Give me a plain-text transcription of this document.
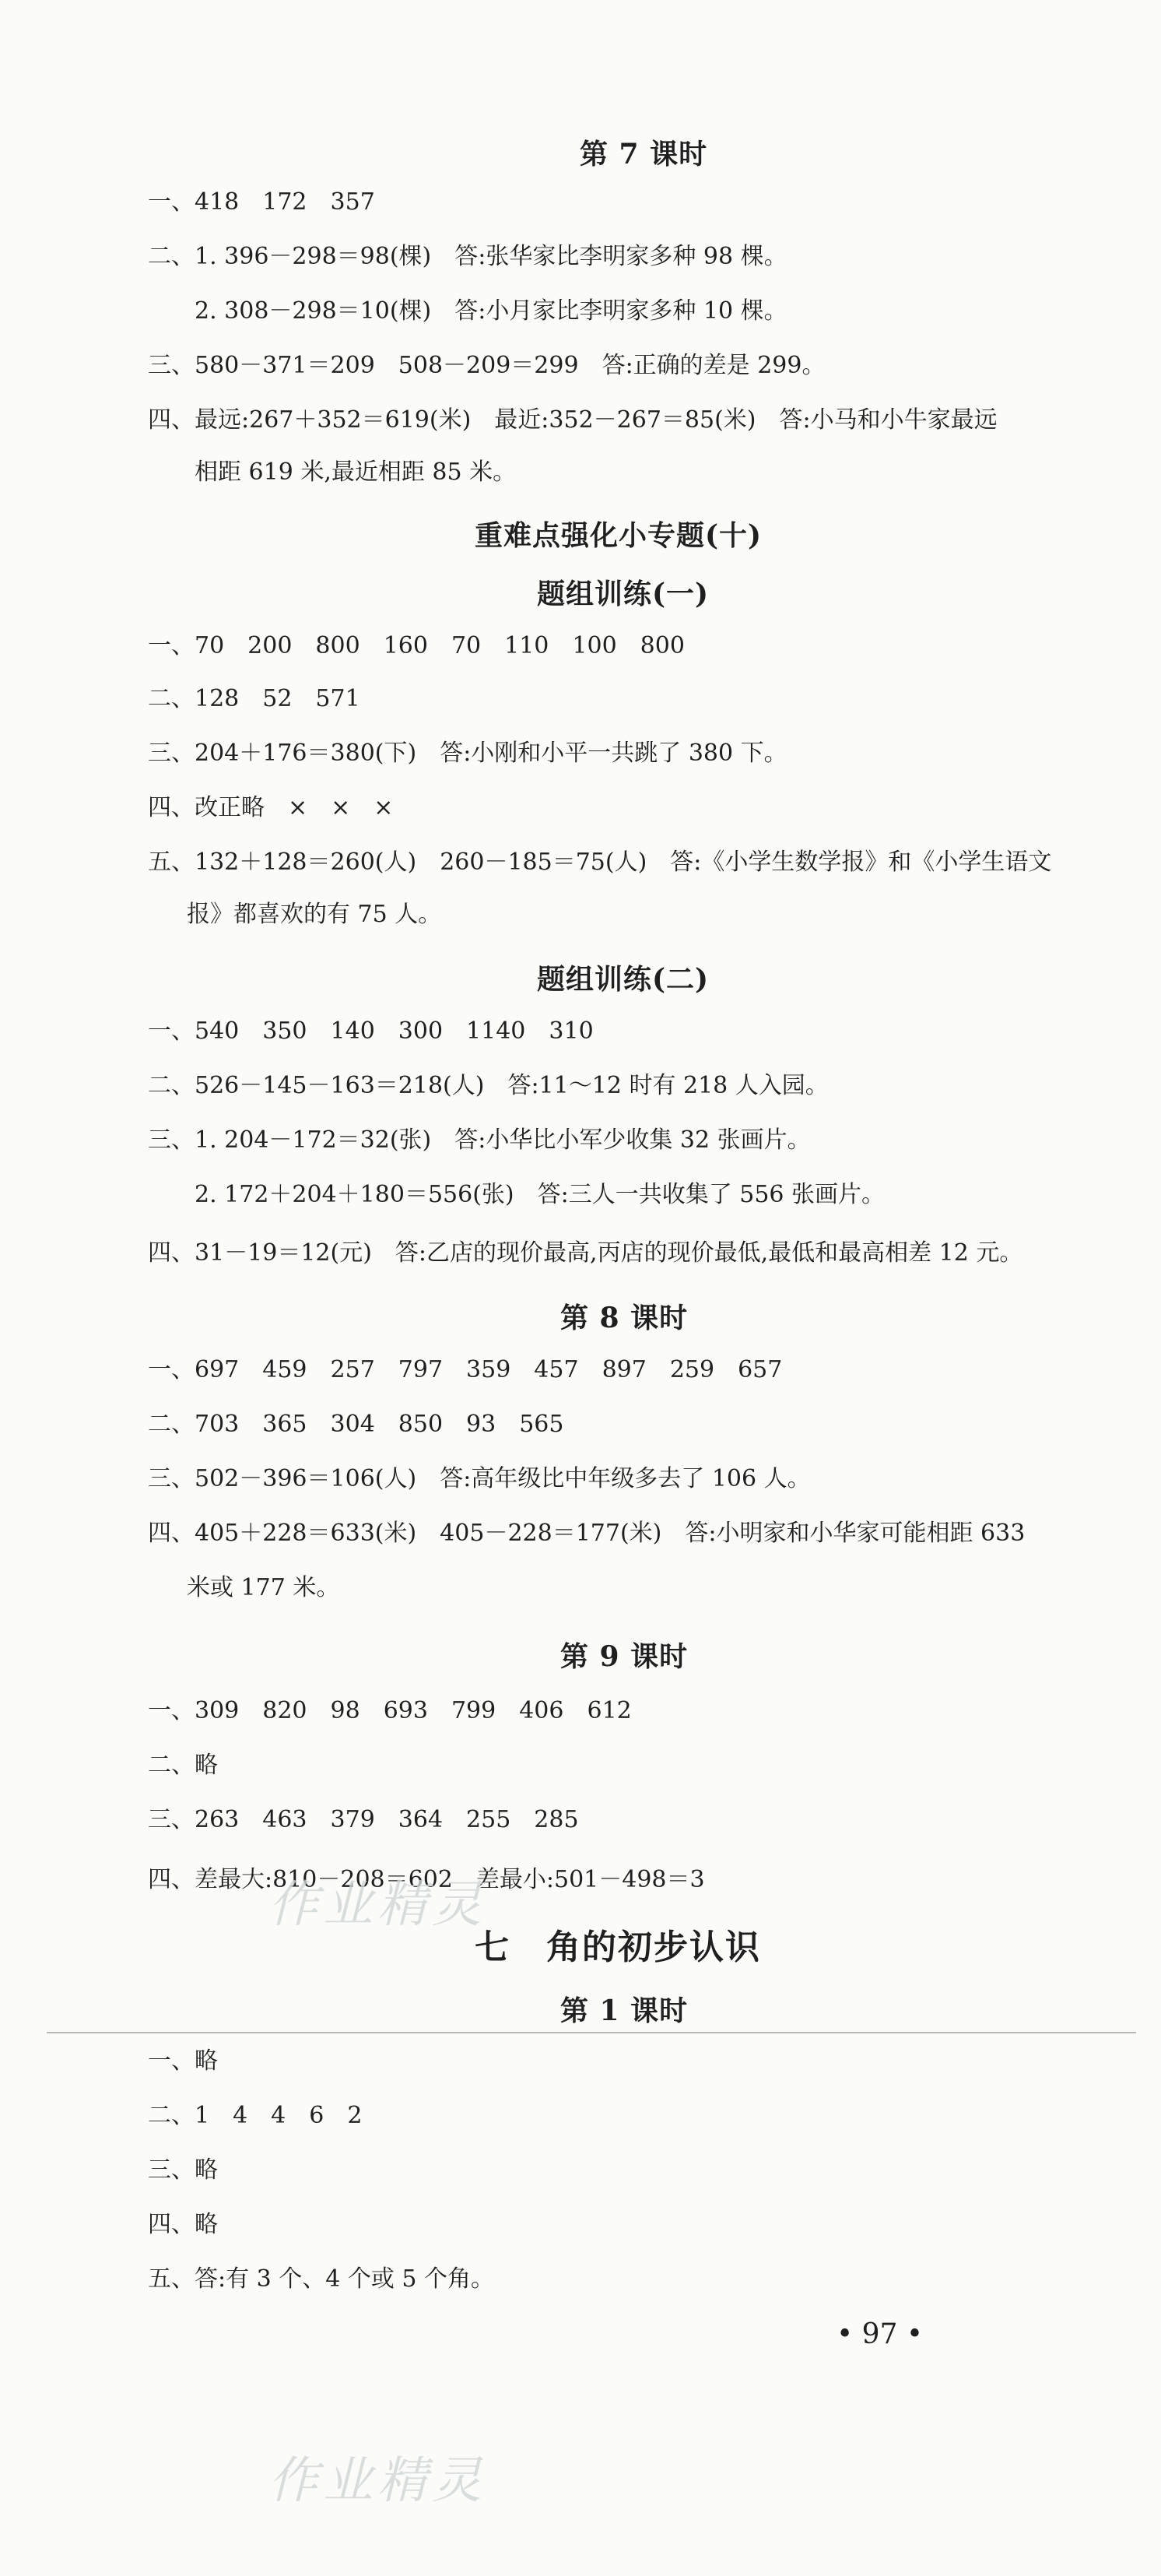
第 7 课时
一、418　172　357
二、1. 396－298＝98(棵)　答:张华家比李明家多种 98 棵。
2. 308－298＝10(棵)　答:小月家比李明家多种 10 棵。
三、580－371＝209　508－209＝299　答:正确的差是 299。
四、最远:267＋352＝619(米)　最近:352－267＝85(米)　答:小马和小牛家最远
相距 619 米,最近相距 85 米。
重难点强化小专题(十)
题组训练(一)
一、70　200　800　160　70　110　100　800
二、128　52　571
三、204＋176＝380(下)　答:小刚和小平一共跳了 380 下。
四、改正略　×　×　×
五、132＋128＝260(人)　260－185＝75(人)　答:《小学生数学报》和《小学生语文
报》都喜欢的有 75 人。
题组训练(二)
一、540　350　140　300　1140　310
二、526－145－163＝218(人)　答:11～12 时有 218 人入园。
三、1. 204－172＝32(张)　答:小华比小军少收集 32 张画片。
2. 172＋204＋180＝556(张)　答:三人一共收集了 556 张画片。
四、31－19＝12(元)　答:乙店的现价最高,丙店的现价最低,最低和最高相差 12 元。
第 8 课时
一、697　459　257　797　359　457　897　259　657
二、703　365　304　850　93　565
三、502－396＝106(人)　答:高年级比中年级多去了 106 人。
四、405＋228＝633(米)　405－228＝177(米)　答:小明家和小华家可能相距 633
米或 177 米。
第 9 课时
一、309　820　98　693　799　406　612
二、略
三、263　463　379　364　255　285
四、差最大:810－208＝602　差最小:501－498＝3
作业精灵
七　角的初步认识
第 1 课时
一、略
二、1　4　4　6　2
三、略
四、略
五、答:有 3 个、4 个或 5 个角。
• 97 •
作业精灵
